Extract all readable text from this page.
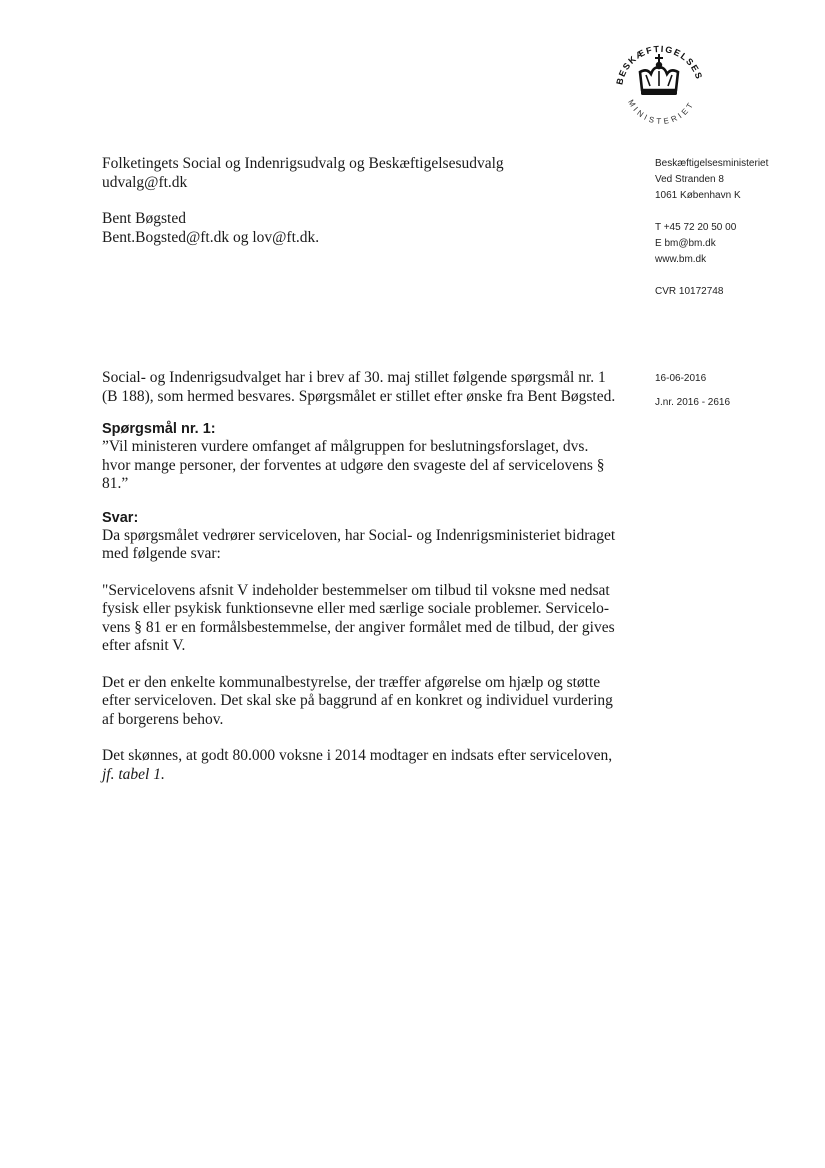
BESKÆFTIGELSES
MINISTERIET
Folketingets Social og Indenrigsudvalg og Beskæftigelsesudvalg
udvalg@ft.dk
Bent Bøgsted
Bent.Bogsted@ft.dk og lov@ft.dk.
Beskæftigelsesministeriet
Ved Stranden 8
1061 København K
T +45 72 20 50 00
E bm@bm.dk
www.bm.dk
CVR 10172748
16-06-2016
J.nr. 2016 - 2616
Social- og Indenrigsudvalget har i brev af 30. maj stillet følgende spørgsmål nr. 1
(B 188), som hermed besvares. Spørgsmålet er stillet efter ønske fra Bent Bøgsted.
Spørgsmål nr. 1:
”Vil ministeren vurdere omfanget af målgruppen for beslutningsforslaget, dvs.
hvor mange personer, der forventes at udgøre den svageste del af servicelovens §
81.”
Svar:
Da spørgsmålet vedrører serviceloven, har Social- og Indenrigsministeriet bidraget
med følgende svar:
"Servicelovens afsnit V indeholder bestemmelser om tilbud til voksne med nedsat
fysisk eller psykisk funktionsevne eller med særlige sociale problemer. Servicelo-
vens § 81 er en formålsbestemmelse, der angiver formålet med de tilbud, der gives
efter afsnit V.
Det er den enkelte kommunalbestyrelse, der træffer afgørelse om hjælp og støtte
efter serviceloven. Det skal ske på baggrund af en konkret og individuel vurdering
af borgerens behov.
Det skønnes, at godt 80.000 voksne i 2014 modtager en indsats efter serviceloven,
jf. tabel 1.
